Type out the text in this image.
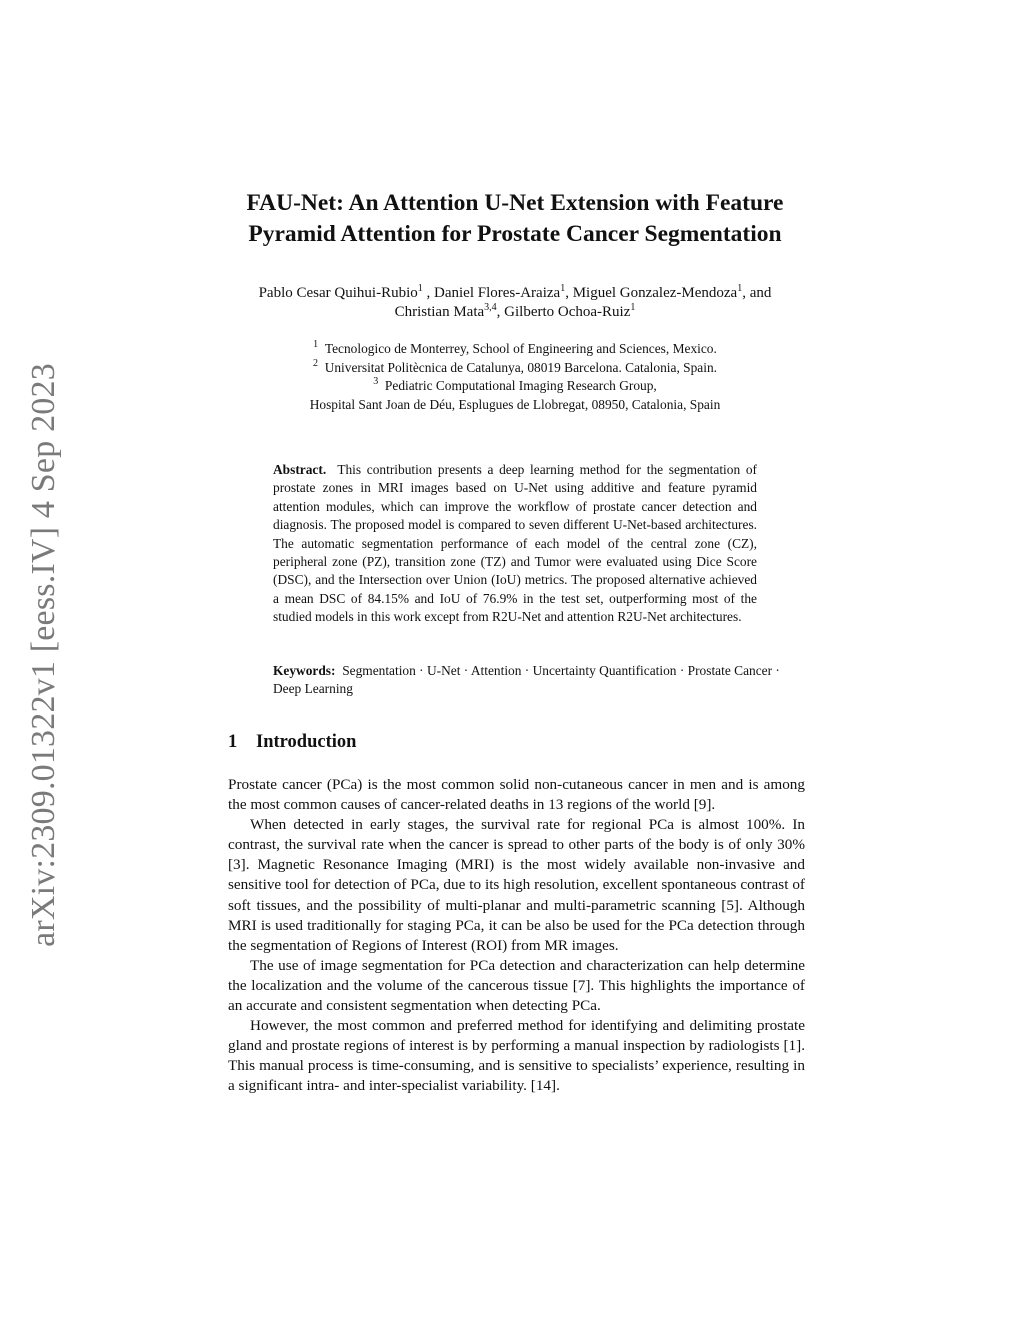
arXiv:2309.01322v1 [eess.IV] 4 Sep 2023
FAU-Net: An Attention U-Net Extension with Feature
Pyramid Attention for Prostate Cancer Segmentation
Pablo Cesar Quihui-Rubio$^1$ , Daniel Flores-Araiza$^1$, Miguel Gonzalez-Mendoza$^1$, and
Christian Mata$^{3,4}$, Gilberto Ochoa-Ruiz$^1$
$^1$ Tecnologico de Monterrey, School of Engineering and Sciences, Mexico.
$^2$ Universitat Politècnica de Catalunya, 08019 Barcelona. Catalonia, Spain.
$^3$ Pediatric Computational Imaging Research Group,
Hospital Sant Joan de Déu, Esplugues de Llobregat, 08950, Catalonia, Spain
Abstract. This contribution presents a deep learning method for the segmentation of prostate zones in MRI images based on U-Net using additive and feature pyramid attention modules, which can improve the workflow of prostate cancer detection and diagnosis. The proposed model is compared to seven different U-Net-based architectures. The automatic segmentation performance of each model of the central zone (CZ), peripheral zone (PZ), transition zone (TZ) and Tumor were evaluated using Dice Score (DSC), and the Intersection over Union (IoU) metrics. The proposed alternative achieved a mean DSC of 84.15% and IoU of 76.9% in the test set, outperforming most of the studied models in this work except from R2U-Net and attention R2U-Net architectures.
Keywords: Segmentation · U-Net · Attention · Uncertainty Quantification · Prostate Cancer · Deep Learning
1 Introduction

Prostate cancer (PCa) is the most common solid non-cutaneous cancer in men and is among the most common causes of cancer-related deaths in 13 regions of the world [9].

When detected in early stages, the survival rate for regional PCa is almost 100%. In contrast, the survival rate when the cancer is spread to other parts of the body is of only 30% [3]. Magnetic Resonance Imaging (MRI) is the most widely available non-invasive and sensitive tool for detection of PCa, due to its high resolution, excellent spontaneous contrast of soft tissues, and the possibility of multi-planar and multi-parametric scanning [5]. Although MRI is used traditionally for staging PCa, it can be also be used for the PCa detection through the segmentation of Regions of Interest (ROI) from MR images.

The use of image segmentation for PCa detection and characterization can help determine the localization and the volume of the cancerous tissue [7]. This highlights the importance of an accurate and consistent segmentation when detecting PCa.

However, the most common and preferred method for identifying and delimiting prostate gland and prostate regions of interest is by performing a manual inspection by radiologists [1]. This manual process is time-consuming, and is sensitive to specialists’ experience, resulting in a significant intra- and inter-specialist variability. [14].
